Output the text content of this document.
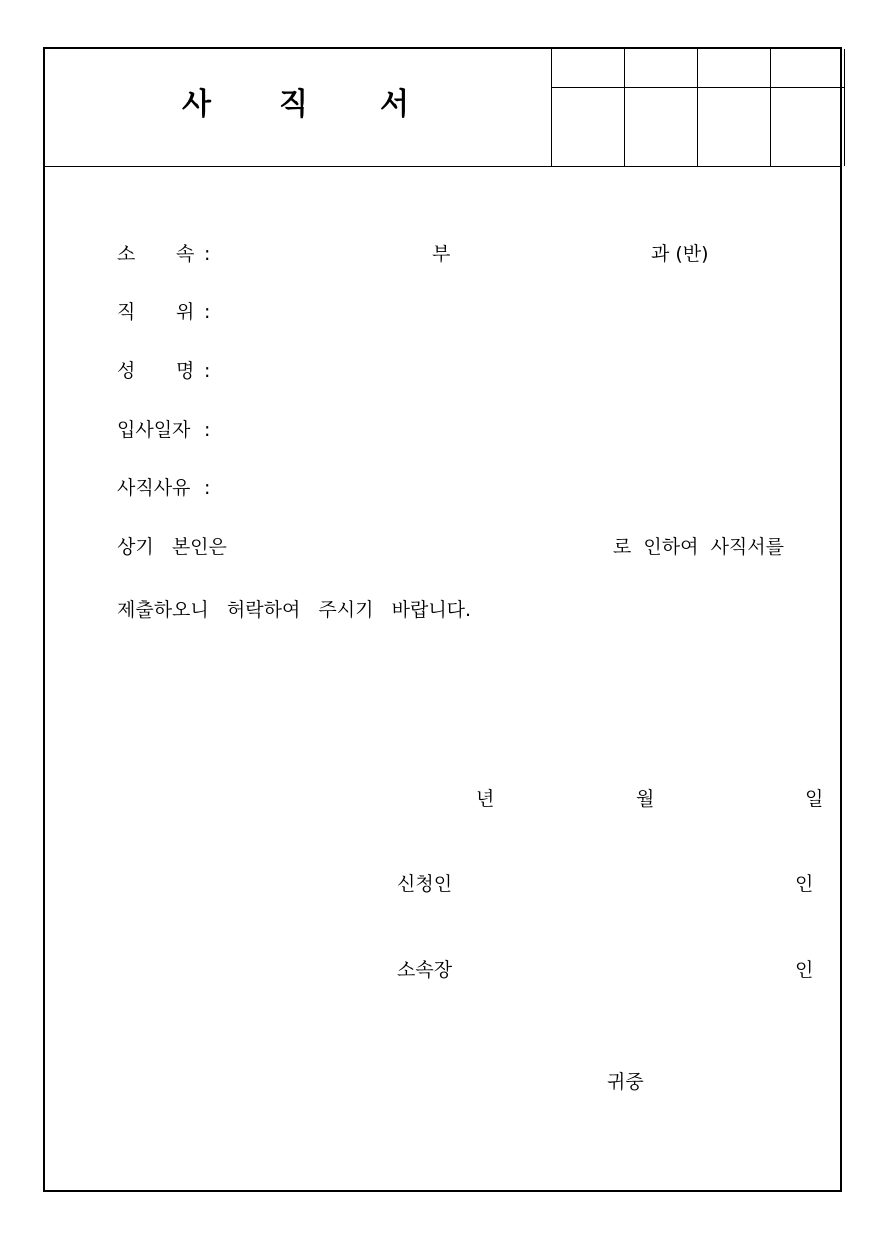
사 직 서
소 속 :	부	과 (반)
직 위 :
성 명 :
입사일자 :
사직사유 :
상기   본인은	로  인하여  사직서를
제출하오니   허락하여   주시기   바랍니다.
년	월	일
신청인	인
소속장	인
귀중
